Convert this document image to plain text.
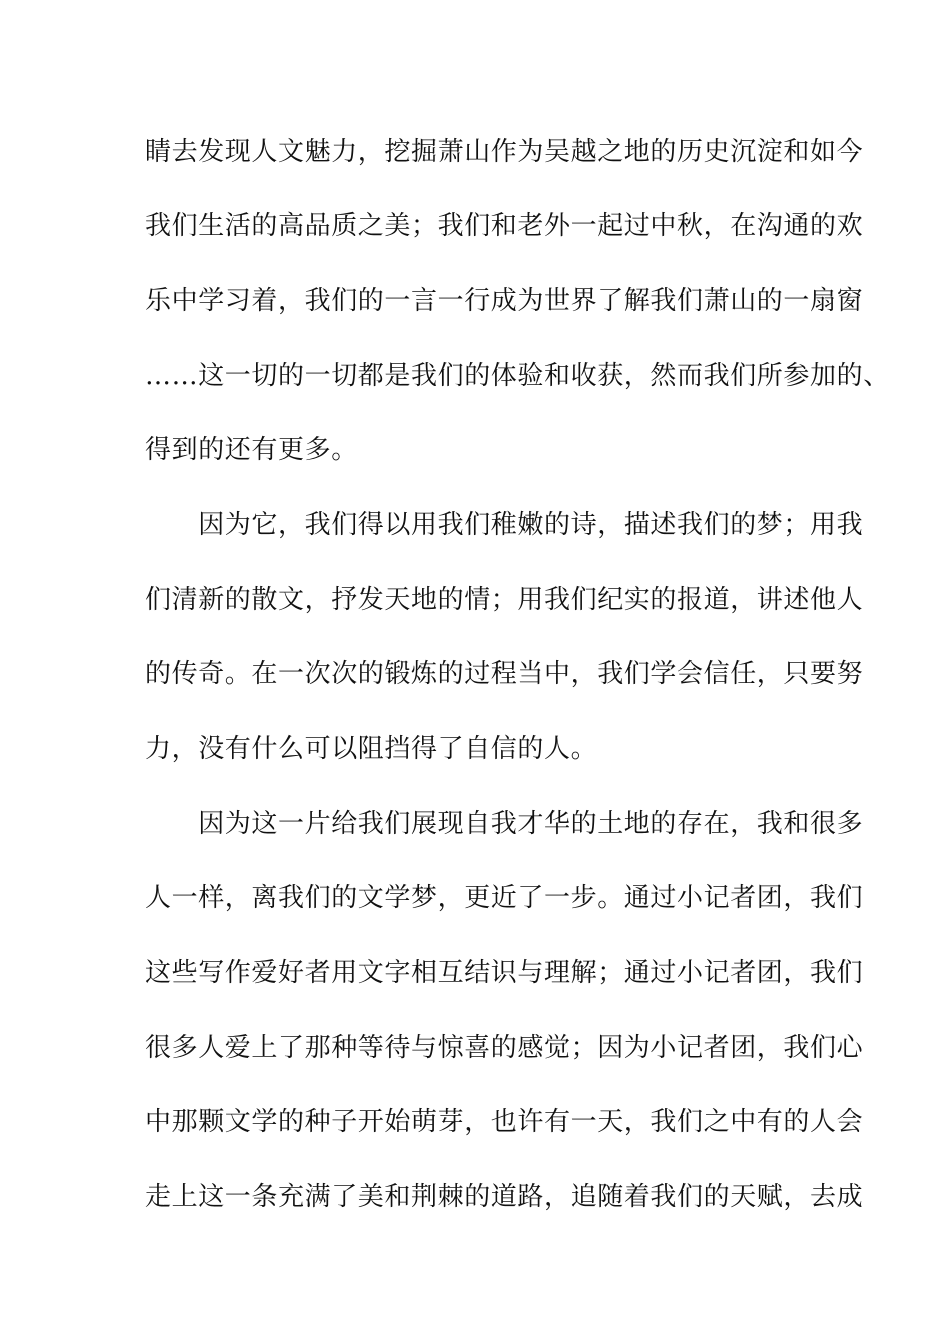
睛去发现人文魅力，挖掘萧山作为吴越之地的历史沉淀和如今
我们生活的高品质之美；我们和老外一起过中秋，在沟通的欢
乐中学习着，我们的一言一行成为世界了解我们萧山的一扇窗
……这一切的一切都是我们的体验和收获，然而我们所参加的、
得到的还有更多。
　　因为它，我们得以用我们稚嫩的诗，描述我们的梦；用我
们清新的散文，抒发天地的情；用我们纪实的报道，讲述他人
的传奇。在一次次的锻炼的过程当中，我们学会信任，只要努
力，没有什么可以阻挡得了自信的人。
　　因为这一片给我们展现自我才华的土地的存在，我和很多
人一样，离我们的文学梦，更近了一步。通过小记者团，我们
这些写作爱好者用文字相互结识与理解；通过小记者团，我们
很多人爱上了那种等待与惊喜的感觉；因为小记者团，我们心
中那颗文学的种子开始萌芽，也许有一天，我们之中有的人会
走上这一条充满了美和荆棘的道路，追随着我们的天赋，去成
